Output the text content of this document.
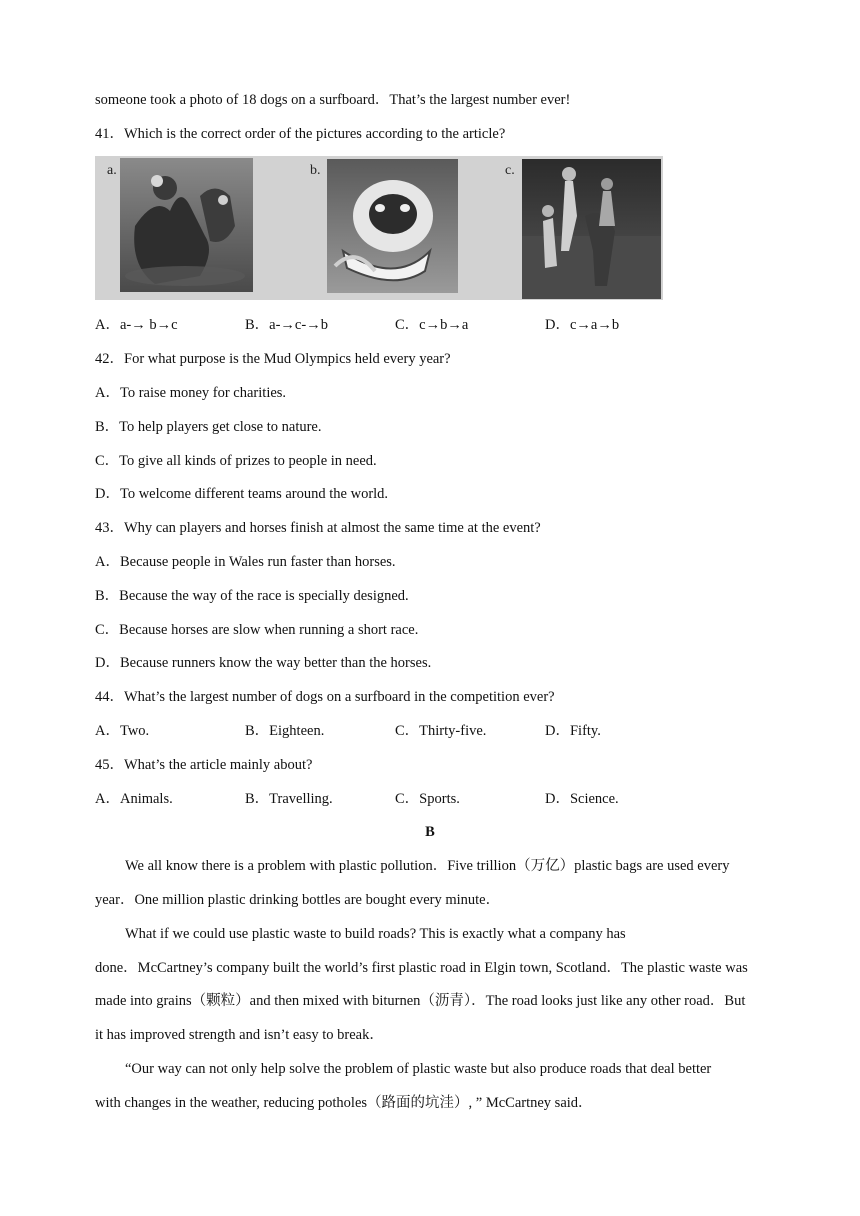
someone took a photo of 18 dogs on a surfboard．That’s the largest number ever!
41．Which is the correct order of the pictures according to the article?
a.	b.	c.
A．a-→ b→c	B．a-→c-→b	C．c→b→a	D．c→a→b
42．For what purpose is the Mud Olympics held every year?
A．To raise money for charities.
B．To help players get close to nature.
C．To give all kinds of prizes to people in need.
D．To welcome different teams around the world.
43．Why can players and horses finish at almost the same time at the event?
A．Because people in Wales run faster than horses.
B．Because the way of the race is specially designed.
C．Because horses are slow when running a short race.
D．Because runners know the way better than the horses.
44．What’s the largest number of dogs on a surfboard in the competition ever?
A．Two.	B．Eighteen.	C．Thirty-five.	D．Fifty.
45．What’s the article mainly about?
A．Animals.	B．Travelling.	C．Sports.	D．Science.
B
We all know there is a problem with plastic pollution．Five trillion（万亿）plastic bags are used every
year．One million plastic drinking bottles are bought every minute．
What if we could use plastic waste to build roads? This is exactly what a company has
done．McCartney’s company built the world’s first plastic road in Elgin town, Scotland．The plastic waste was
made into grains（颗粒）and then mixed with biturnen（沥青）．The road looks just like any other road．But
it has improved strength and isn’t easy to break．
“Our way can not only help solve the problem of plastic waste but also produce roads that deal better
with changes in the weather, reducing potholes（路面的坑洼）, ” McCartney said．
